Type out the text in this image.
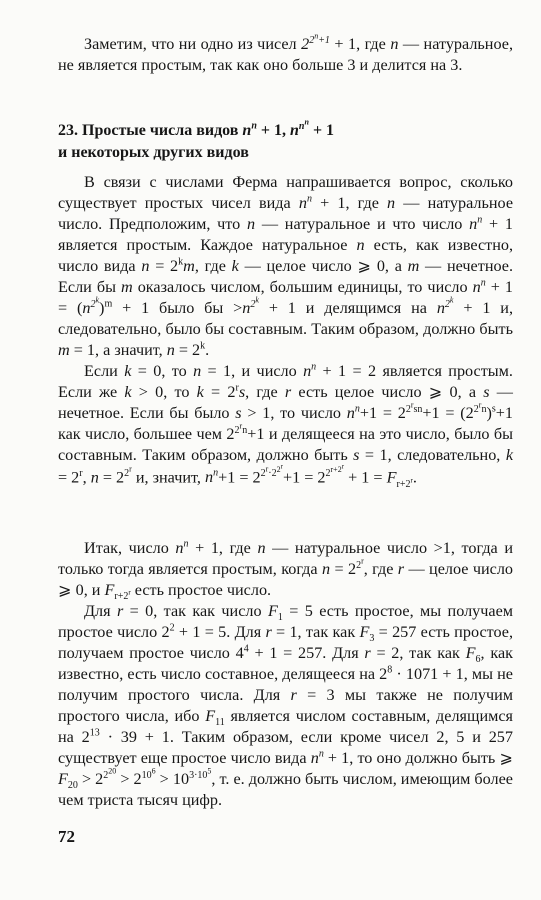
Заметим, что ни одно из чисел $2^{2^n+1} + 1$, где n — натуральное, не является простым, так как оно больше 3 и делится на 3.

23. Простые числа видов $n^n + 1$, $n^{n^n} + 1$

и некоторых других видов

В связи с числами Ферма напрашивается вопрос, сколько существует простых чисел вида $n^n + 1$, где n — натуральное число. Предположим, что n — натуральное и что число $n^n + 1$ является простым. Каждое натуральное n есть, как известно, число вида $n = 2^km$, где k — целое число ⩾ 0, а m — нечетное. Если бы m оказалось числом, большим единицы, то число $n^n + 1 = (n^{2^k})^m + 1$ было бы $>n^{2^k} + 1$ и делящимся на $n^{2^k} + 1$ и, следовательно, было бы составным. Таким образом, должно быть m = 1, а значит, $n = 2^k$.

Если k = 0, то n = 1, и число $n^n + 1 = 2$ является простым. Если же k > 0, то $k = 2^rs$, где r есть целое число ⩾ 0, а s — нечетное. Если бы было s > 1, то число $n^n+1 = 2^{2^rsn}+1 = (2^{2^rn})^s+1$ как число, большее чем $2^{2^rn}+1$ и делящееся на это число, было бы составным. Таким образом, должно быть s = 1, следовательно, $k = 2^r$, $n = 2^{2^r}$ и, значит, $n^n+1 = 2^{2^r\cdot 2^{2^r}}+1 = 2^{2^{r+2^r}} + 1 = F_{r+2^r}$.

Итак, число $n^n + 1$, где n — натуральное число >1, тогда и только тогда является простым, когда $n = 2^{2^r}$, где r — целое число ⩾ 0, и $F_{r+2^r}$ есть простое число.

Для r = 0, так как число $F_1 = 5$ есть простое, мы получаем простое число $2^2 + 1 = 5$. Для r = 1, так как $F_3 = 257$ есть простое, получаем простое число $4^4 + 1 = 257$. Для r = 2, так как $F_6$, как известно, есть число составное, делящееся на $2^8 \cdot 1071 + 1$, мы не получим простого числа. Для r = 3 мы также не получим простого числа, ибо $F_{11}$ является числом составным, делящимся на $2^{13} \cdot 39 + 1$. Таким образом, если кроме чисел 2, 5 и 257 существует еще простое число вида $n^n + 1$, то оно должно быть ⩾ $F_{20} > 2^{2^{20}} > 2^{10^6} > 10^{3\cdot 10^5}$, т. е. должно быть числом, имеющим более чем триста тысяч цифр.

72
